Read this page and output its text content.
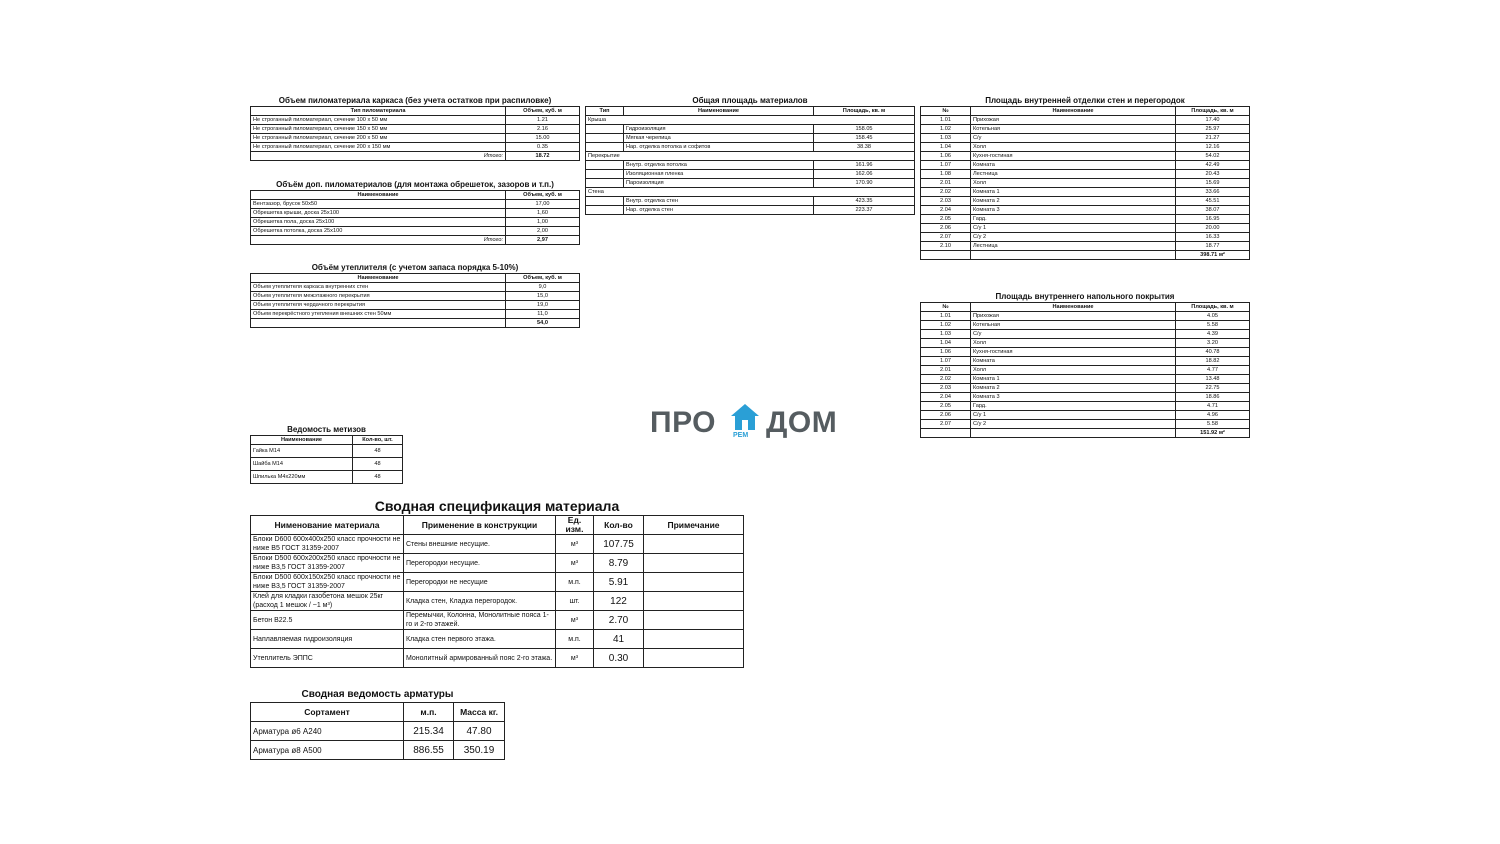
Объем пиломатериала каркаса (без учета остатков при распиловке)
Тип пиломатериала	Объем, куб. м
Не строганный пиломатериал, сечение 100 х 50 мм	1.21
Не строганный пиломатериал, сечение 150 х 50 мм	2.16
Не строганный пиломатериал, сечение 200 х 50 мм	15.00
Не строганный пиломатериал, сечение 200 х 150 мм	0.35
Итого:	18.72
Объём доп. пиломатериалов (для монтажа обрешеток, зазоров и т.п.)
Наименование	Объем, куб. м
Вентзазор, брусок 50х50	17,00
Обрешетка крыши, доска 25х100	1,60
Обрешетка пола, доска 25х100	1,00
Обрешетка потолка, доска 25х100	2,00
Итого:	2,97
Объём утеплителя (с учетом запаса порядка 5-10%)
Наименование	Объем, куб. м
Объем утеплителя каркаса внутренних стен	9,0
Объем утеплителя межэтажного перекрытия	15,0
Объем утеплителя чердачного перекрытия	19,0
Объем перекрёстного утепления внешних стен 50мм	11,0
	54,0
Общая площадь материалов
Тип	Наименование	Площадь, кв. м
Крыша		
	Гидроизоляция	158.05
	Мягкая черепица	158.45
	Нар. отделка потолка и софитов	38.38
Перекрытие		
	Внутр. отделка потолка	161.96
	Изоляционная пленка	162.06
	Пароизоляция	170.90
Стена		
	Внутр. отделка стен	423.35
	Нар. отделка стен	223.37
Площадь внутренней отделки стен и перегородок
№	Наименование	Площадь, кв. м
1.01	Прихожая	17.40
1.02	Котельная	25.97
1.03	С/у	21.27
1.04	Холл	12.16
1.06	Кухня-гостиная	54.02
1.07	Комната	42.49
1.08	Лестница	20.43
2.01	Холл	15.69
2.02	Комната 1	33.66
2.03	Комната 2	45.51
2.04	Комната 3	38.07
2.05	Гард.	16.95
2.06	С/у 1	20.00
2.07	С/у 2	16.33
2.10	Лестница	18.77
		398.71 м²
Площадь внутреннего напольного покрытия
№	Наименование	Площадь, кв. м
1.01	Прихожая	4.05
1.02	Котельная	5.58
1.03	С/у	4.39
1.04	Холл	3.20
1.06	Кухня-гостиная	40.78
1.07	Комната	18.82
2.01	Холл	4.77
2.02	Комната 1	13.48
2.03	Комната 2	22.75
2.04	Комната 3	18.86
2.05	Гард.	4.71
2.06	С/у 1	4.96
2.07	С/у 2	5.58
		151.92 м²
ПРО РЕМ ДОМ
Ведомость метизов
Наименование	Кол-во, шт.
Гайка М14	48
Шайба М14	48
Шпилька М4х220мм	48
Сводная спецификация материала
Нименование материала	Применение в конструкции	Ед. изм.	Кол-во	Примечание
Блоки D600 600х400х250 класс прочности не ниже В5 ГОСТ 31359-2007	Стены внешние несущие.	м³	107.75	
Блоки D500 600х200х250 класс прочности не ниже В3,5 ГОСТ 31359-2007	Перегородки несущие.	м³	8.79	
Блоки D500 600х150х250 класс прочности не ниже В3,5 ГОСТ 31359-2007	Перегородки не несущие	м.п.	5.91	
Клей для кладки газобетона мешок 25кг (расход 1 мешок / ~1 м³)	Кладка стен, Кладка перегородок.	шт.	122	
Бетон В22.5	Перемычки, Колонна, Монолитные пояса 1-го и 2-го этажей.	м³	2.70	
Наплавляемая гидроизоляция	Кладка стен первого этажа.	м.п.	41	
Утеплитель ЭППС	Монолитный армированный пояс 2-го этажа.	м³	0.30	
Сводная ведомость арматуры
Сортамент	м.п.	Масса кг.
Арматура ø6 А240	215.34	47.80
Арматура ø8 А500	886.55	350.19
